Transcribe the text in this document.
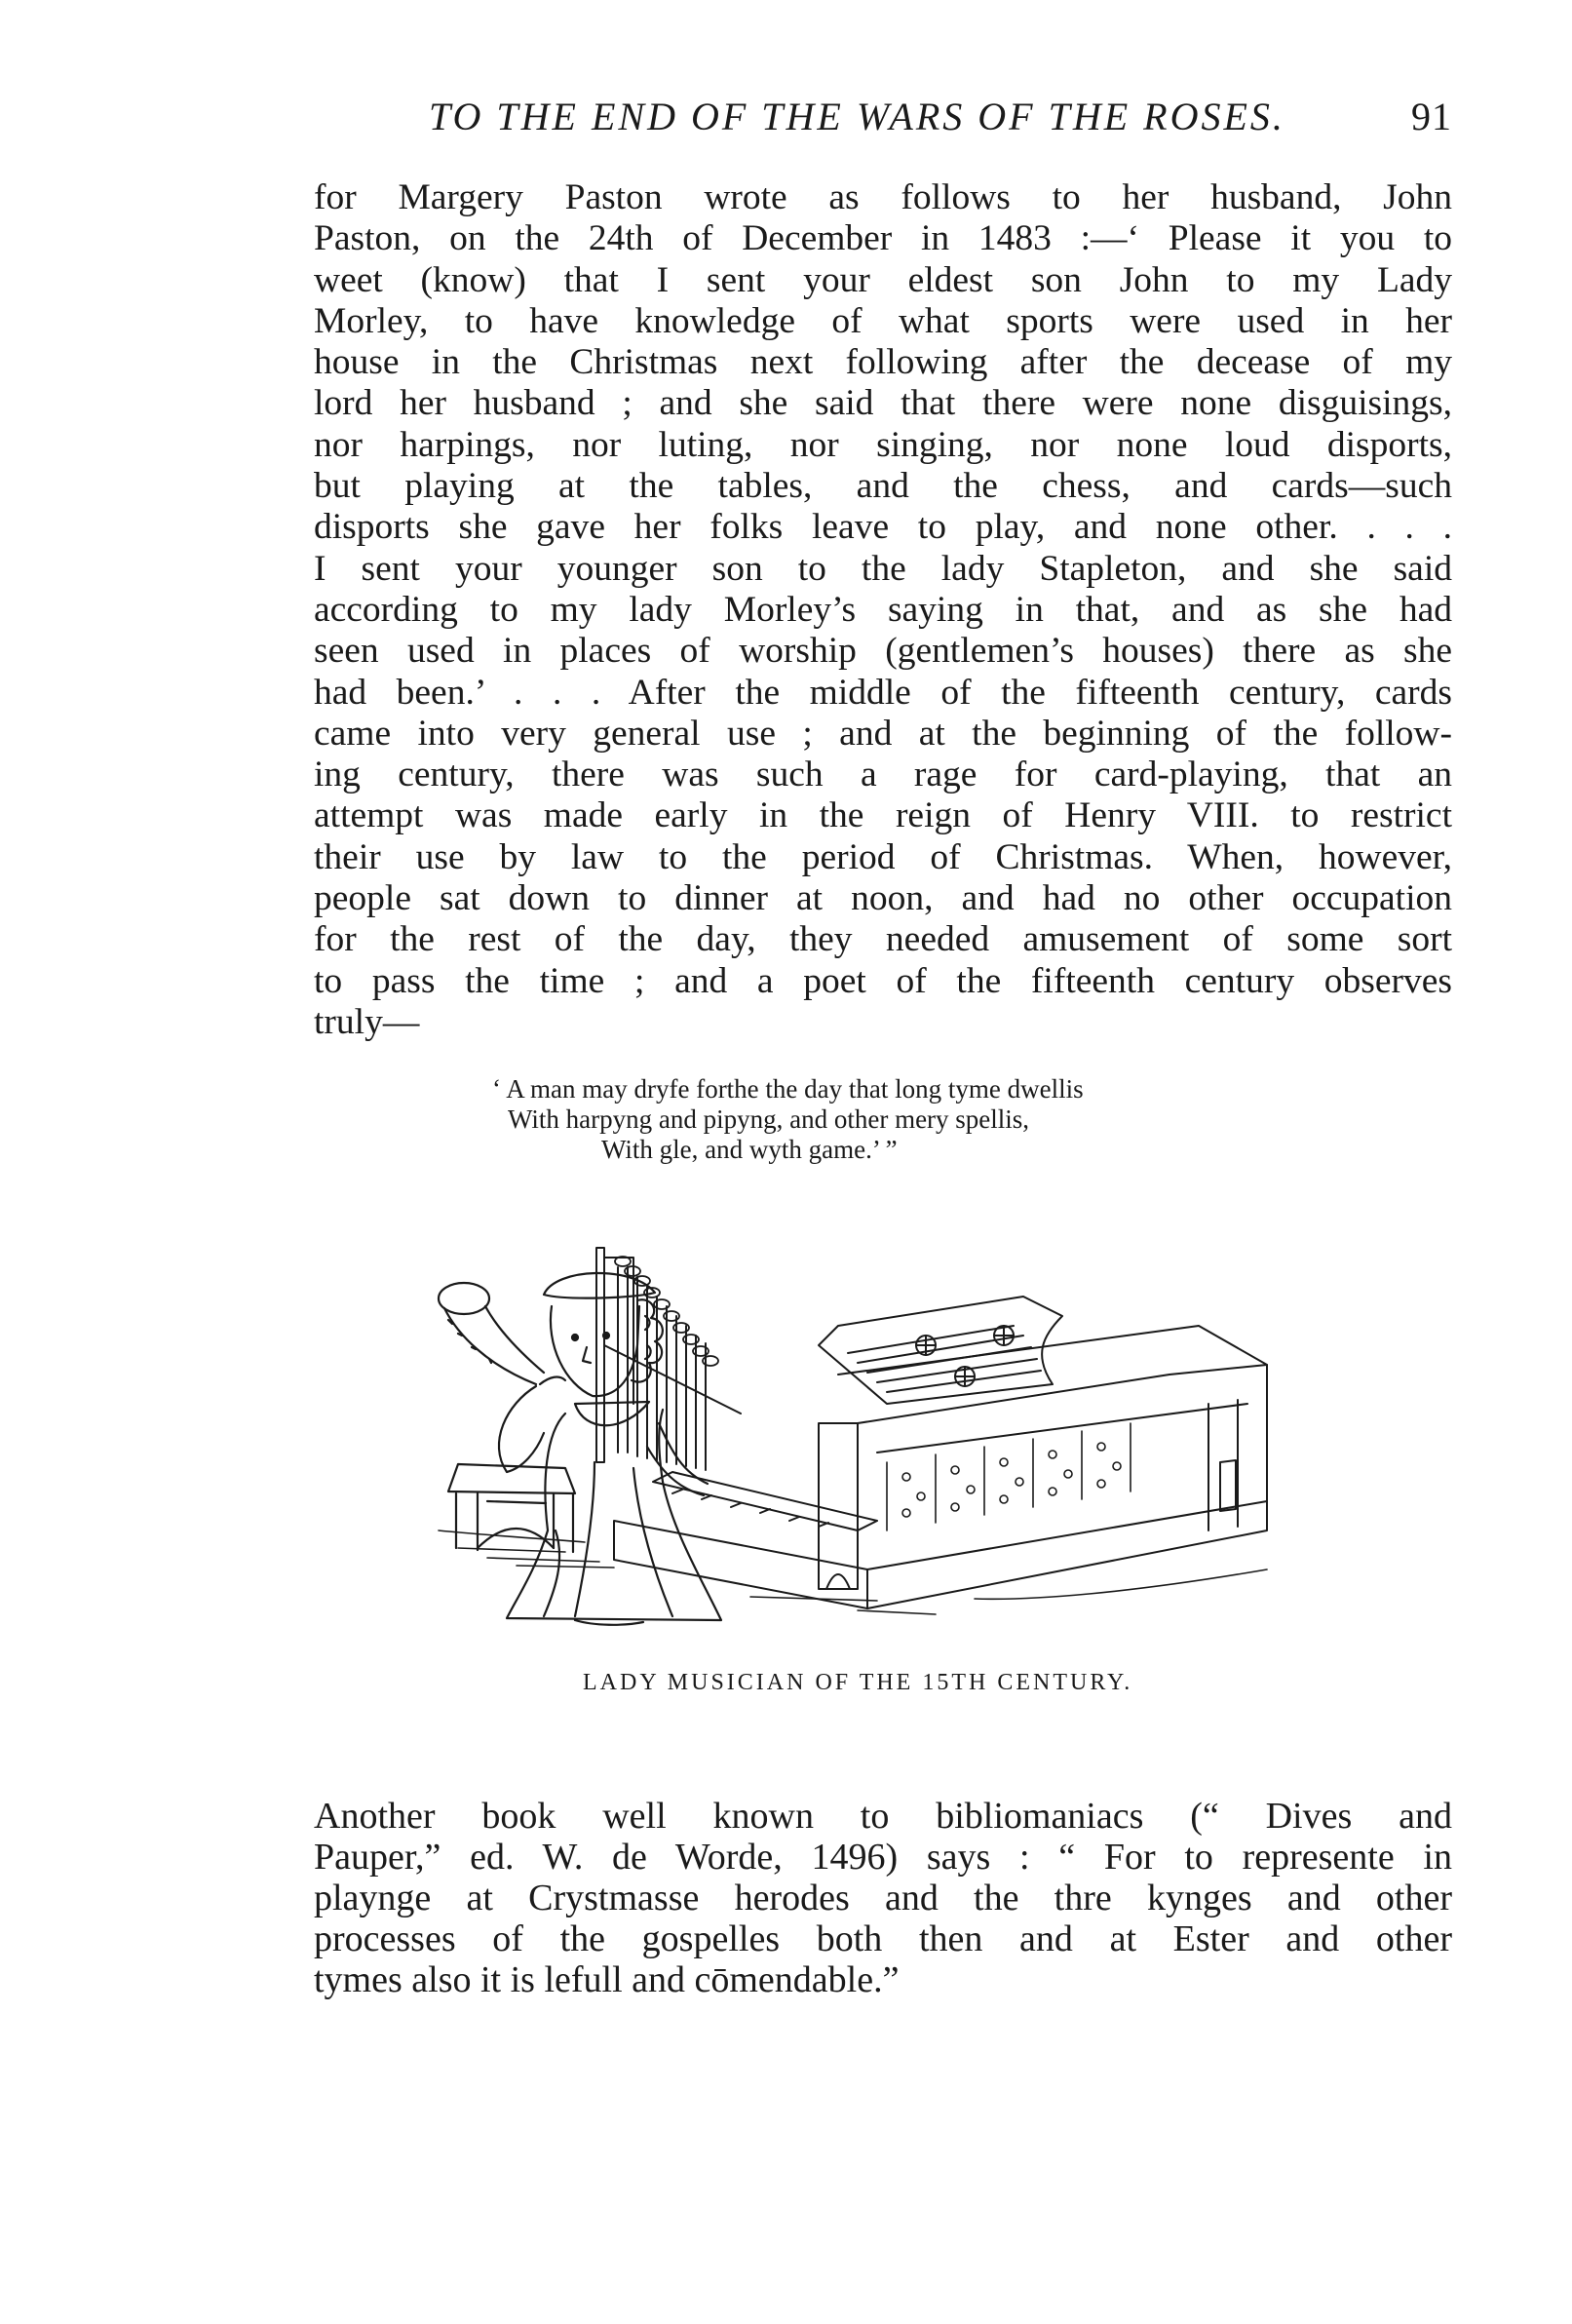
TO THE END OF THE WARS OF THE ROSES.	91
for Margery Paston wrote as follows to her husband, John
Paston, on the 24th of December in 1483 :—‘ Please it you to
weet (know) that I sent your eldest son John to my Lady
Morley, to have knowledge of what sports were used in her
house in the Christmas next following after the decease of my
lord her husband ; and she said that there were none disguisings,
nor harpings, nor luting, nor singing, nor none loud disports,
but playing at the tables, and the chess, and cards—such
disports she gave her folks leave to play, and none other. . . .
I sent your younger son to the lady Stapleton, and she said
according to my lady Morley’s saying in that, and as she had
seen used in places of worship (gentlemen’s houses) there as she
had been.’ . . . After the middle of the fifteenth century, cards
came into very general use ; and at the beginning of the follow-
ing century, there was such a rage for card-playing, that an
attempt was made early in the reign of Henry VIII. to restrict
their use by law to the period of Christmas. When, however,
people sat down to dinner at noon, and had no other occupation
for the rest of the day, they needed amusement of some sort
to pass the time ; and a poet of the fifteenth century observes
truly—
‘ A man may dryfe forthe the day that long tyme dwellis
With harpyng and pipyng, and other mery spellis,
With gle, and wyth game.’ ”
LADY MUSICIAN OF THE 15TH CENTURY.
Another book well known to bibliomaniacs (“ Dives and
Pauper,” ed. W. de Worde, 1496) says : “ For to represente in
playnge at Crystmasse herodes and the thre kynges and other
processes of the gospelles both then and at Ester and other
tymes also it is lefull and cōmendable.”
